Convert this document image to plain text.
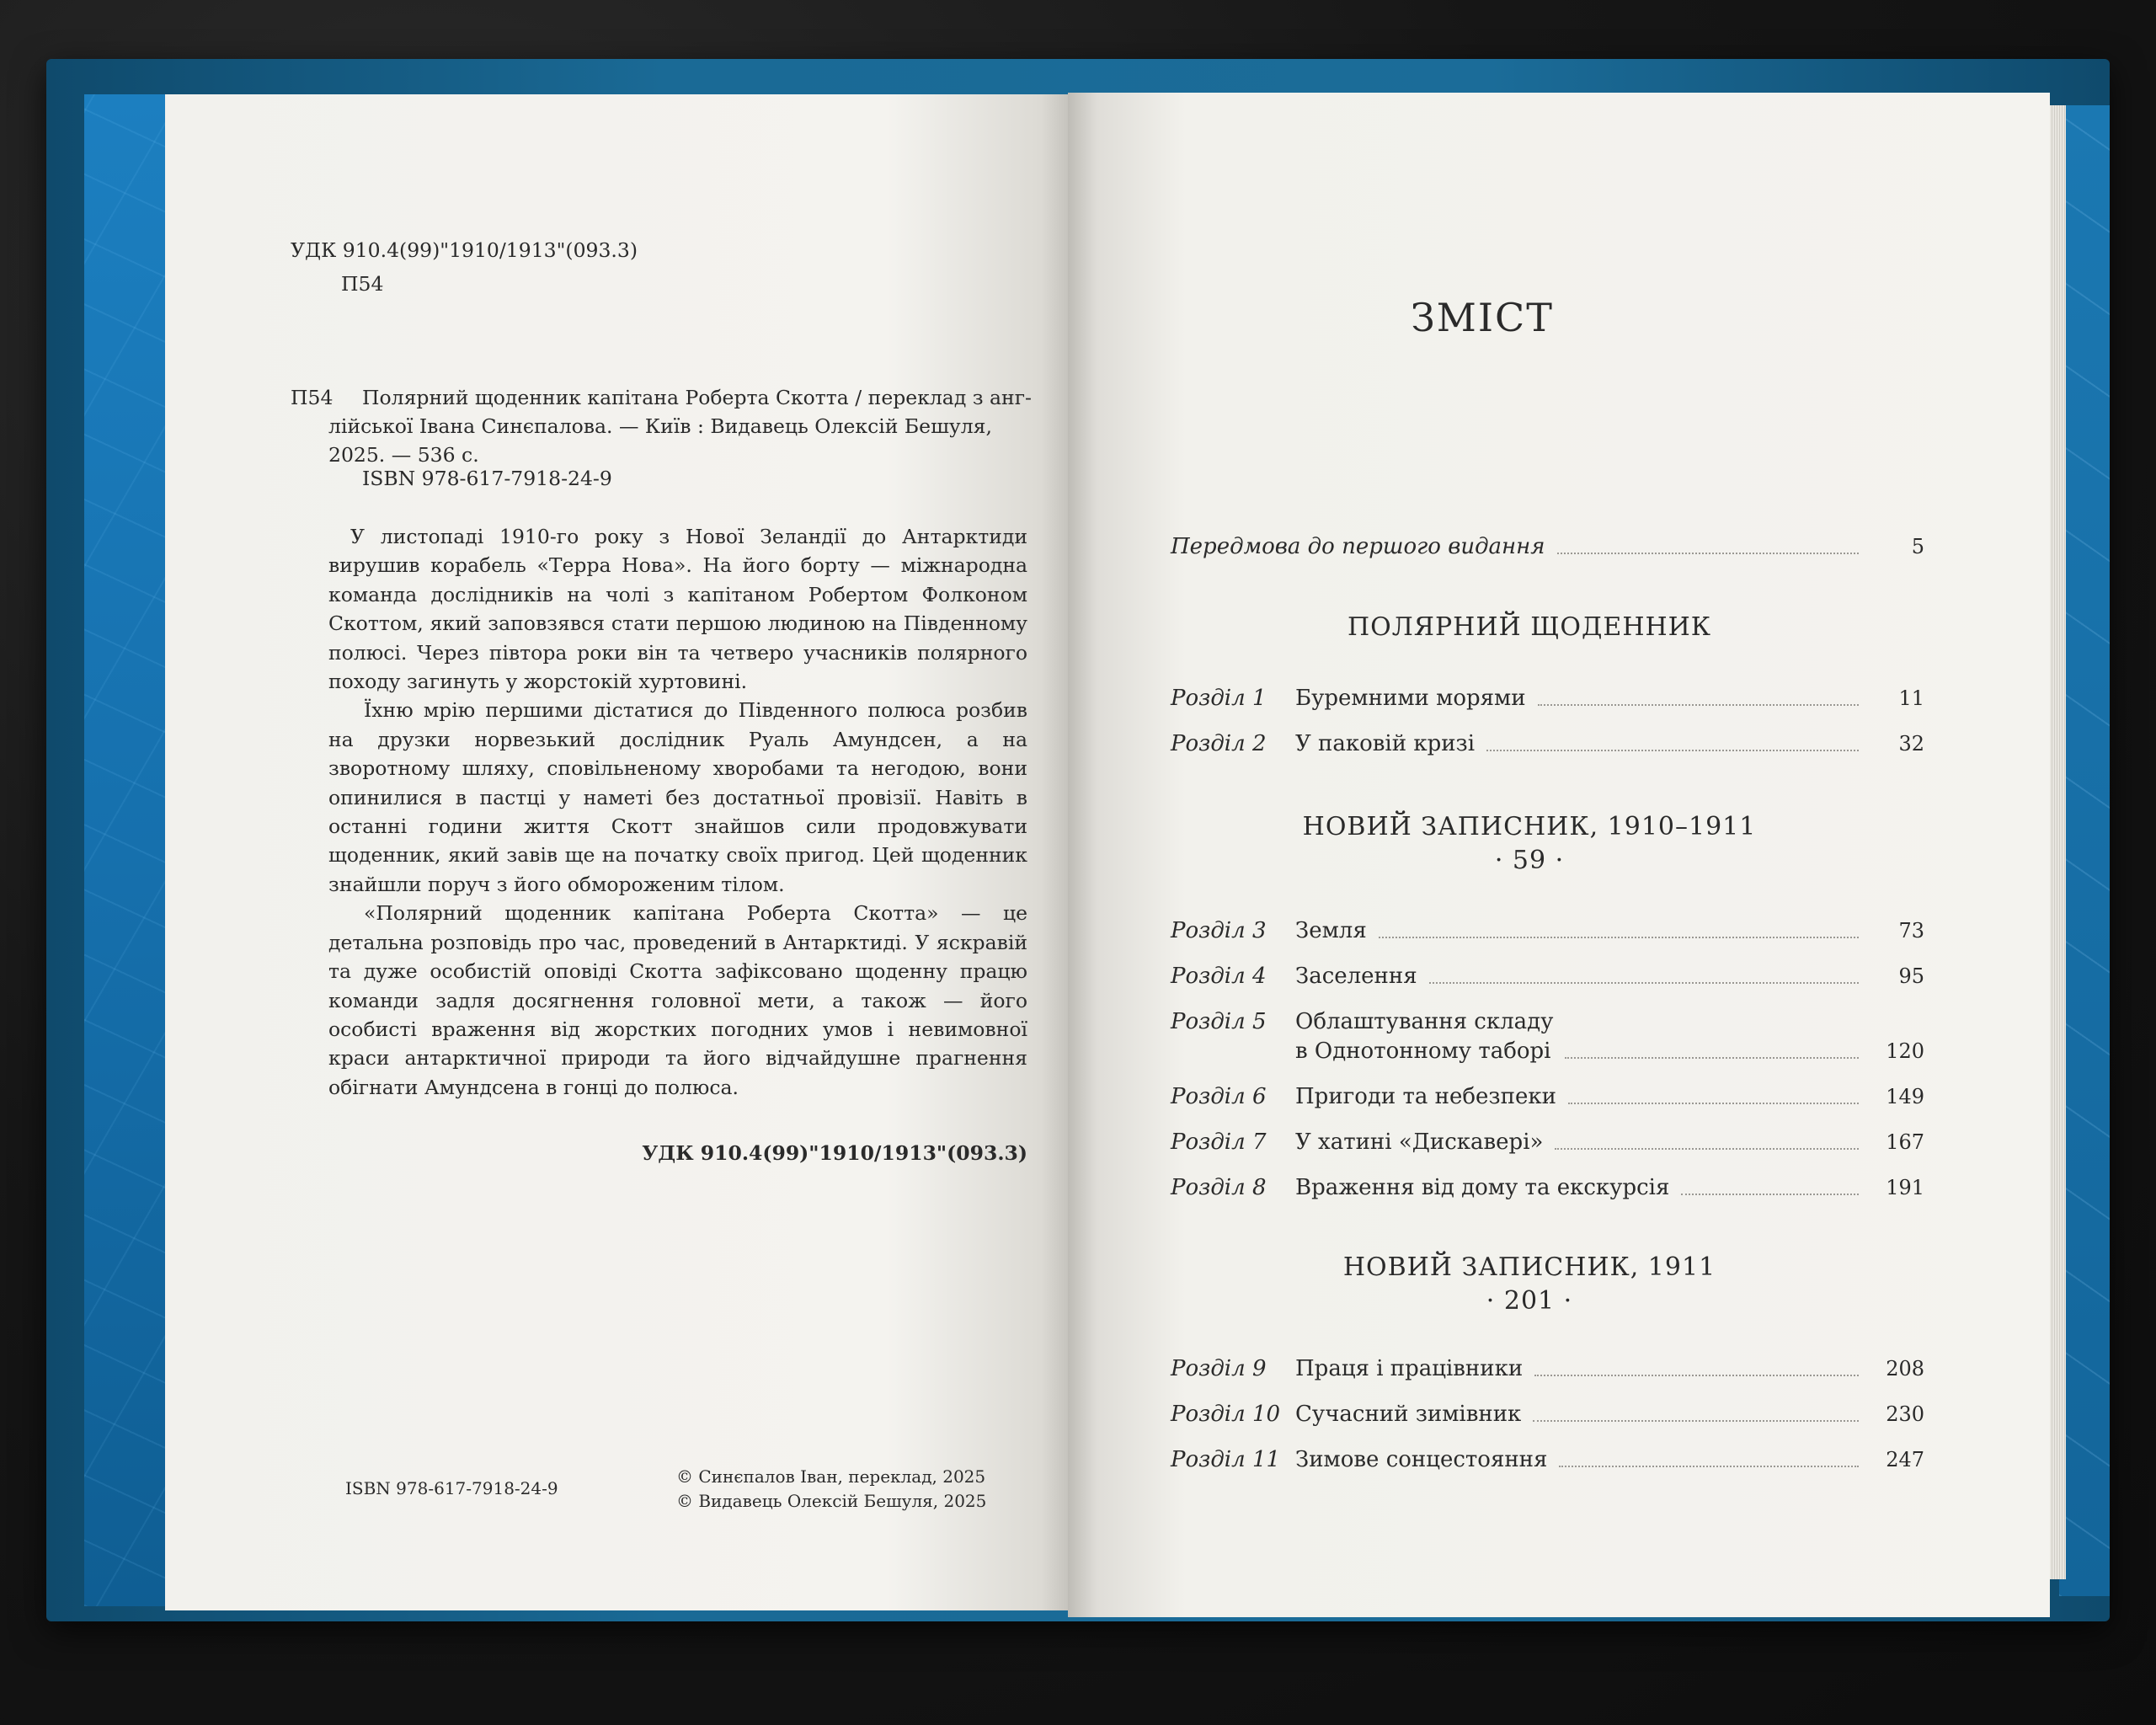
УДК 910.4(99)"1910/1913"(093.3)

П54

П54 Полярний щоденник капітана Роберта Скотта / переклад з анг-

лійської Івана Синєпалова. — Київ : Видавець Олексій Бешуля,

2025. — 536 с.

ISBN 978-617-7918-24-9

У листопаді 1910-го року з Нової Зеландії до Антарктиди вирушив корабель «Терра Нова». На його борту — міжнародна команда дослідників на чолі з капітаном Робертом Фолконом Скоттом, який заповзявся стати першою людиною на Південному полюсі. Через півтора роки він та четверо учасників полярного походу загинуть у жорстокій хуртовині.

Їхню мрію першими дістатися до Південного полюса розбив на друзки норвезький дослідник Руаль Амундсен, а на зворотному шляху, сповільненому хворобами та негодою, вони опинилися в пастці у наметі без достатньої провізії. Навіть в останні години життя Скотт знайшов сили продовжувати щоденник, який завів ще на початку своїх пригод. Цей щоденник знайшли поруч з його обмороженим тілом.

«Полярний щоденник капітана Роберта Скотта» — це детальна розповідь про час, проведений в Антарктиді. У яскравій та дуже особистій оповіді Скотта зафіксовано щоденну працю команди задля досягнення головної мети, а також — його особисті враження від жорстких погодних умов і невимовної краси антарктичної природи та його відчайдушне прагнення обігнати Амундсена в гонці до полюса.

УДК 910.4(99)"1910/1913"(093.3)

ISBN 978-617-7918-24-9

© Синєпалов Іван, переклад, 2025

© Видавець Олексій Бешуля, 2025

ЗМІСТ
Передмова до першого видання	5
ПОЛЯРНИЙ ЩОДЕННИК
Розділ 1	Буремними морями	11
Розділ 2	У паковій кризі	32
НОВИЙ ЗАПИСНИК, 1910–1911
· 59 ·
Розділ 3	Земля	73
Розділ 4	Заселення	95
Розділ 5	Облаштування складу
в Однотонному таборі	120
Розділ 6	Пригоди та небезпеки	149
Розділ 7	У хатині «Дискавері»	167
Розділ 8	Враження від дому та екскурсія	191
НОВИЙ ЗАПИСНИК, 1911
· 201 ·
Розділ 9	Праця і працівники	208
Розділ 10 Сучасний зимівник	230
Розділ 11 Зимове сонцестояння	247
